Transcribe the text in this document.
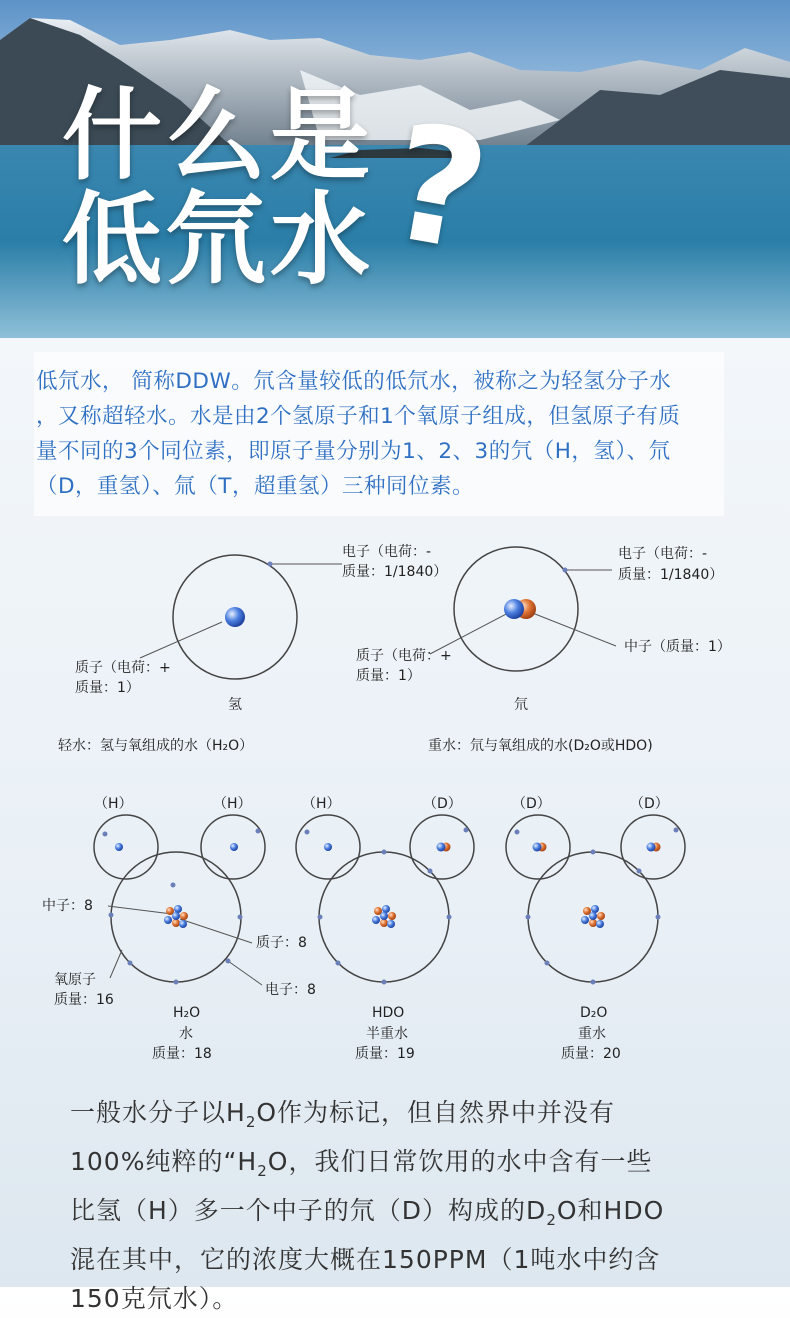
什么是
低氘水 ?

低氘水， 简称DDW。氘含量较低的低氘水，被称之为轻氢分子水
，又称超轻水。水是由2个氢原子和1个氧原子组成，但氢原子有质
量不同的3个同位素，即原子量分别为1、2、3的氕（H，氢）、氘
（D，重氢）、氚（T，超重氢）三种同位素。

电子（电荷：-
质量：1/1840）
质子（电荷：+
质量：1）
氢
电子（电荷：-
质量：1/1840）
质子（电荷：+
质量：1）
中子（质量：1）
氘
轻水：氢与氧组成的水（H₂O）	重水：氘与氧组成的水(D₂O或HDO)
（H）	（H）	（H）	（D）	（D）	（D）
中子：8
质子：8
电子：8
氧原子
质量：16
H₂O
水
质量：18
HDO
半重水
质量：19
D₂O
重水
质量：20
一般水分子以$H_2O$作为标记，但自然界中并没有
100%纯粹的“$H_2O$，我们日常饮用的水中含有一些
比氢（H）多一个中子的氘（D）构成的$D_2O$和HDO
混在其中，它的浓度大概在150PPM（1吨水中约含
150克氘水）。
